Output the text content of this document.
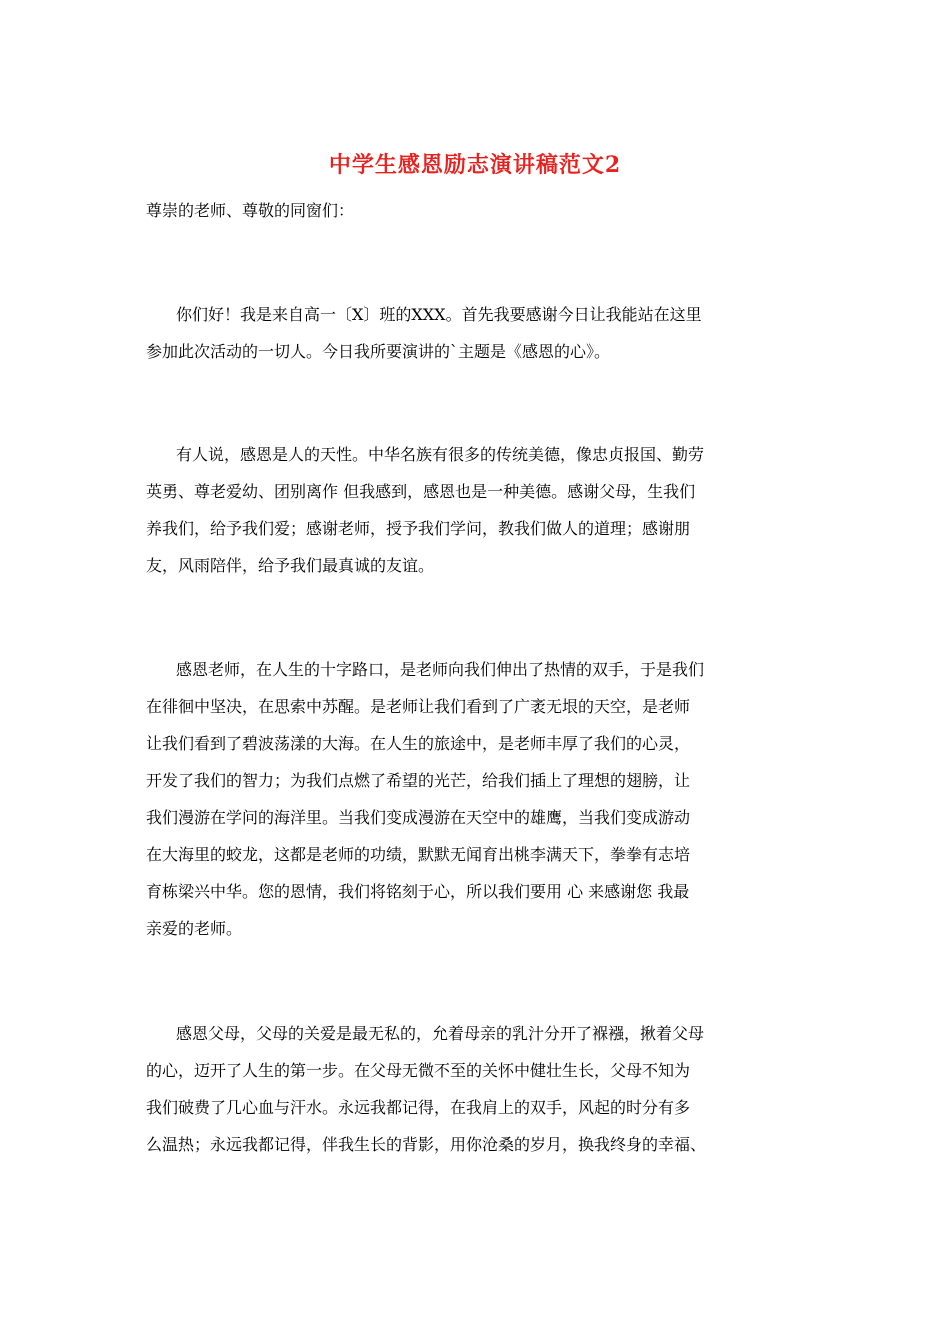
中学生感恩励志演讲稿范文2
尊崇的老师、尊敬的同窗们：
你们好！我是来自高一〔X〕班的XXX。首先我要感谢今日让我能站在这里
参加此次活动的一切人。今日我所要演讲的`主题是《感恩的心》。
有人说，感恩是人的天性。中华名族有很多的传统美德，像忠贞报国、勤劳
英勇、尊老爱幼、团别离作 但我感到，感恩也是一种美德。感谢父母，生我们
养我们，给予我们爱；感谢老师，授予我们学问，教我们做人的道理；感谢朋
友，风雨陪伴，给予我们最真诚的友谊。
感恩老师，在人生的十字路口，是老师向我们伸出了热情的双手，于是我们
在徘徊中坚决，在思索中苏醒。是老师让我们看到了广袤无垠的天空，是老师
让我们看到了碧波荡漾的大海。在人生的旅途中，是老师丰厚了我们的心灵，
开发了我们的智力；为我们点燃了希望的光芒，给我们插上了理想的翅膀，让
我们漫游在学问的海洋里。当我们变成漫游在天空中的雄鹰，当我们变成游动
在大海里的蛟龙，这都是老师的功绩，默默无闻育出桃李满天下，拳拳有志培
育栋梁兴中华。您的恩情，我们将铭刻于心，所以我们要用 心 来感谢您 我最
亲爱的老师。
感恩父母，父母的关爱是最无私的，允着母亲的乳汁分开了褓襁，揪着父母
的心，迈开了人生的第一步。在父母无微不至的关怀中健壮生长，父母不知为
我们破费了几心血与汗水。永远我都记得，在我肩上的双手，风起的时分有多
么温热；永远我都记得，伴我生长的背影，用你沧桑的岁月，换我终身的幸福、
